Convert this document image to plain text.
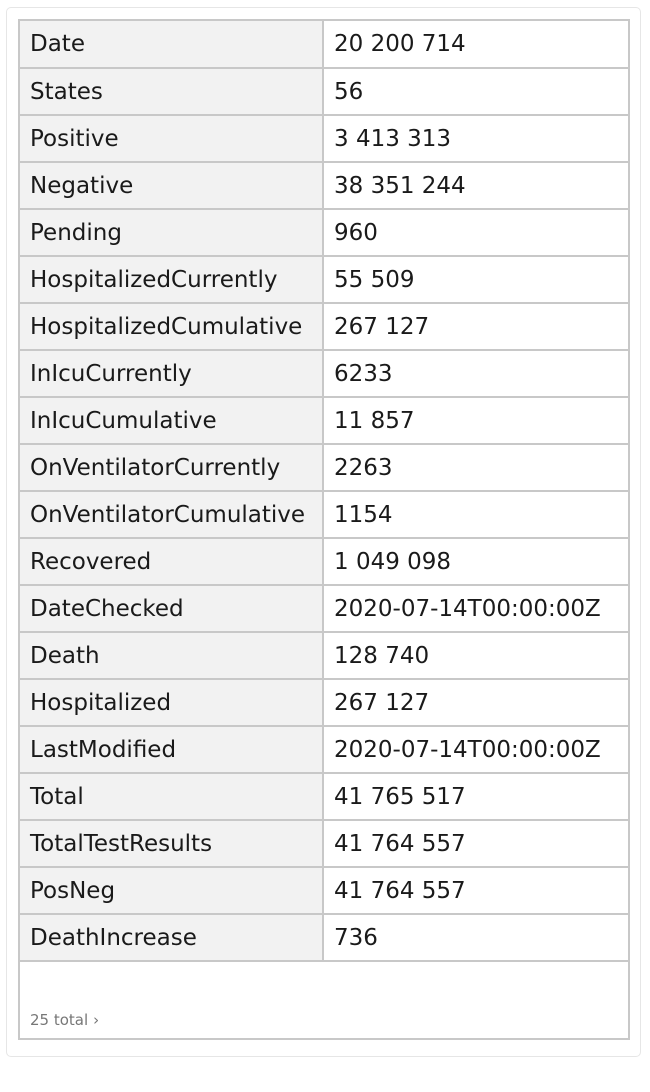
Date	20 200 714
States	56
Positive	3 413 313
Negative	38 351 244
Pending	960
HospitalizedCurrently	55 509
HospitalizedCumulative	267 127
InIcuCurrently	6233
InIcuCumulative	11 857
OnVentilatorCurrently	2263
OnVentilatorCumulative	1154
Recovered	1 049 098
DateChecked	2020-07-14T00:00:00Z
Death	128 740
Hospitalized	267 127
LastModified	2020-07-14T00:00:00Z
Total	41 765 517
TotalTestResults	41 764 557
PosNeg	41 764 557
DeathIncrease	736
25 total ›
